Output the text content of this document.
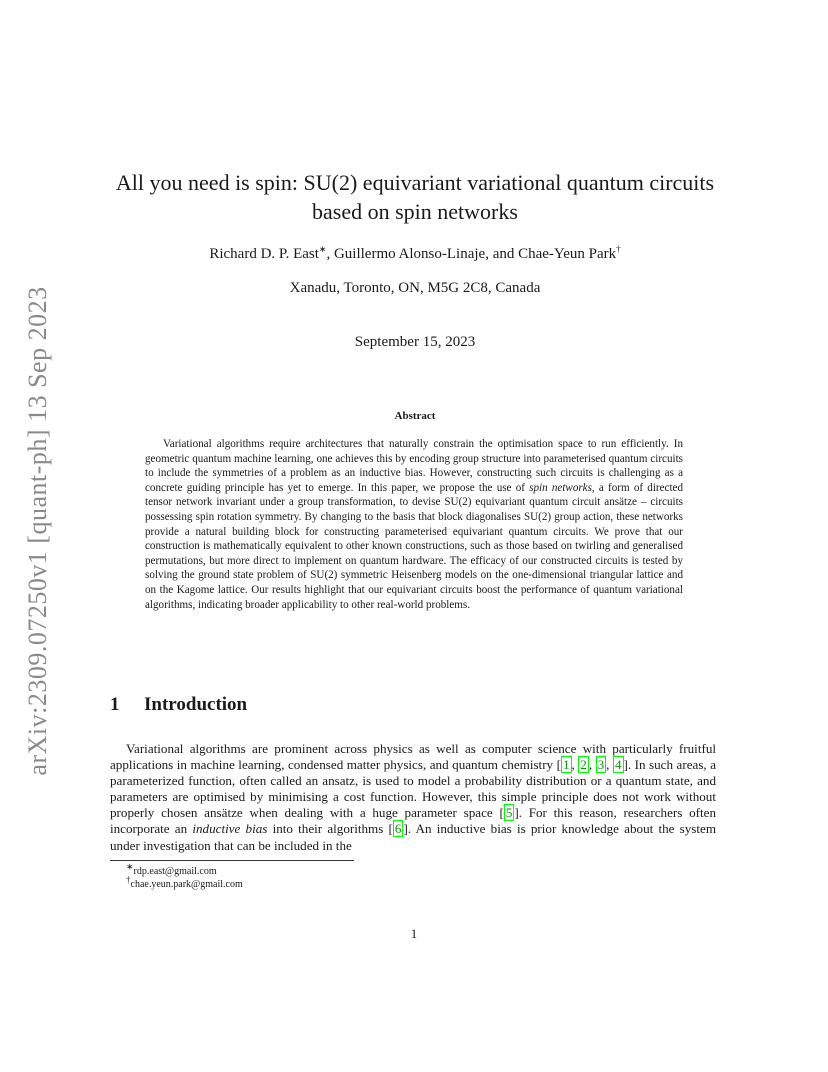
arXiv:2309.07250v1 [quant-ph] 13 Sep 2023
All you need is spin: SU(2) equivariant variational quantum circuits based on spin networks
Richard D. P. East∗, Guillermo Alonso-Linaje, and Chae-Yeun Park†
Xanadu, Toronto, ON, M5G 2C8, Canada
September 15, 2023
Abstract

Variational algorithms require architectures that naturally constrain the optimisation space to run efficiently. In geometric quantum machine learning, one achieves this by encoding group structure into parameterised quantum circuits to include the symmetries of a problem as an inductive bias. However, constructing such circuits is challenging as a concrete guiding principle has yet to emerge. In this paper, we propose the use of spin networks, a form of directed tensor network invariant under a group transformation, to devise SU(2) equivariant quantum circuit ansätze – circuits possessing spin rotation symmetry. By changing to the basis that block diagonalises SU(2) group action, these networks provide a natural building block for constructing parameterised equivariant quantum circuits. We prove that our construction is mathematically equivalent to other known constructions, such as those based on twirling and generalised permutations, but more direct to implement on quantum hardware. The efficacy of our constructed circuits is tested by solving the ground state problem of SU(2) symmetric Heisenberg models on the one-dimensional triangular lattice and on the Kagome lattice. Our results highlight that our equivariant circuits boost the performance of quantum variational algorithms, indicating broader applicability to other real-world problems.

1 Introduction

Variational algorithms are prominent across physics as well as computer science with particularly fruitful applications in machine learning, condensed matter physics, and quantum chemistry [ 1 , 2 , 3 , 4 ]. In such areas, a parameterized function, often called an ansatz, is used to model a probability distribution or a quantum state, and parameters are optimised by minimising a cost function. However, this simple principle does not work without properly chosen ansätze when dealing with a huge parameter space [ 5 ]. For this reason, researchers often incorporate an inductive bias into their algorithms [ 6 ]. An inductive bias is prior knowledge about the system under investigation that can be included in the

∗rdp.east@gmail.com
†chae.yeun.park@gmail.com
1
